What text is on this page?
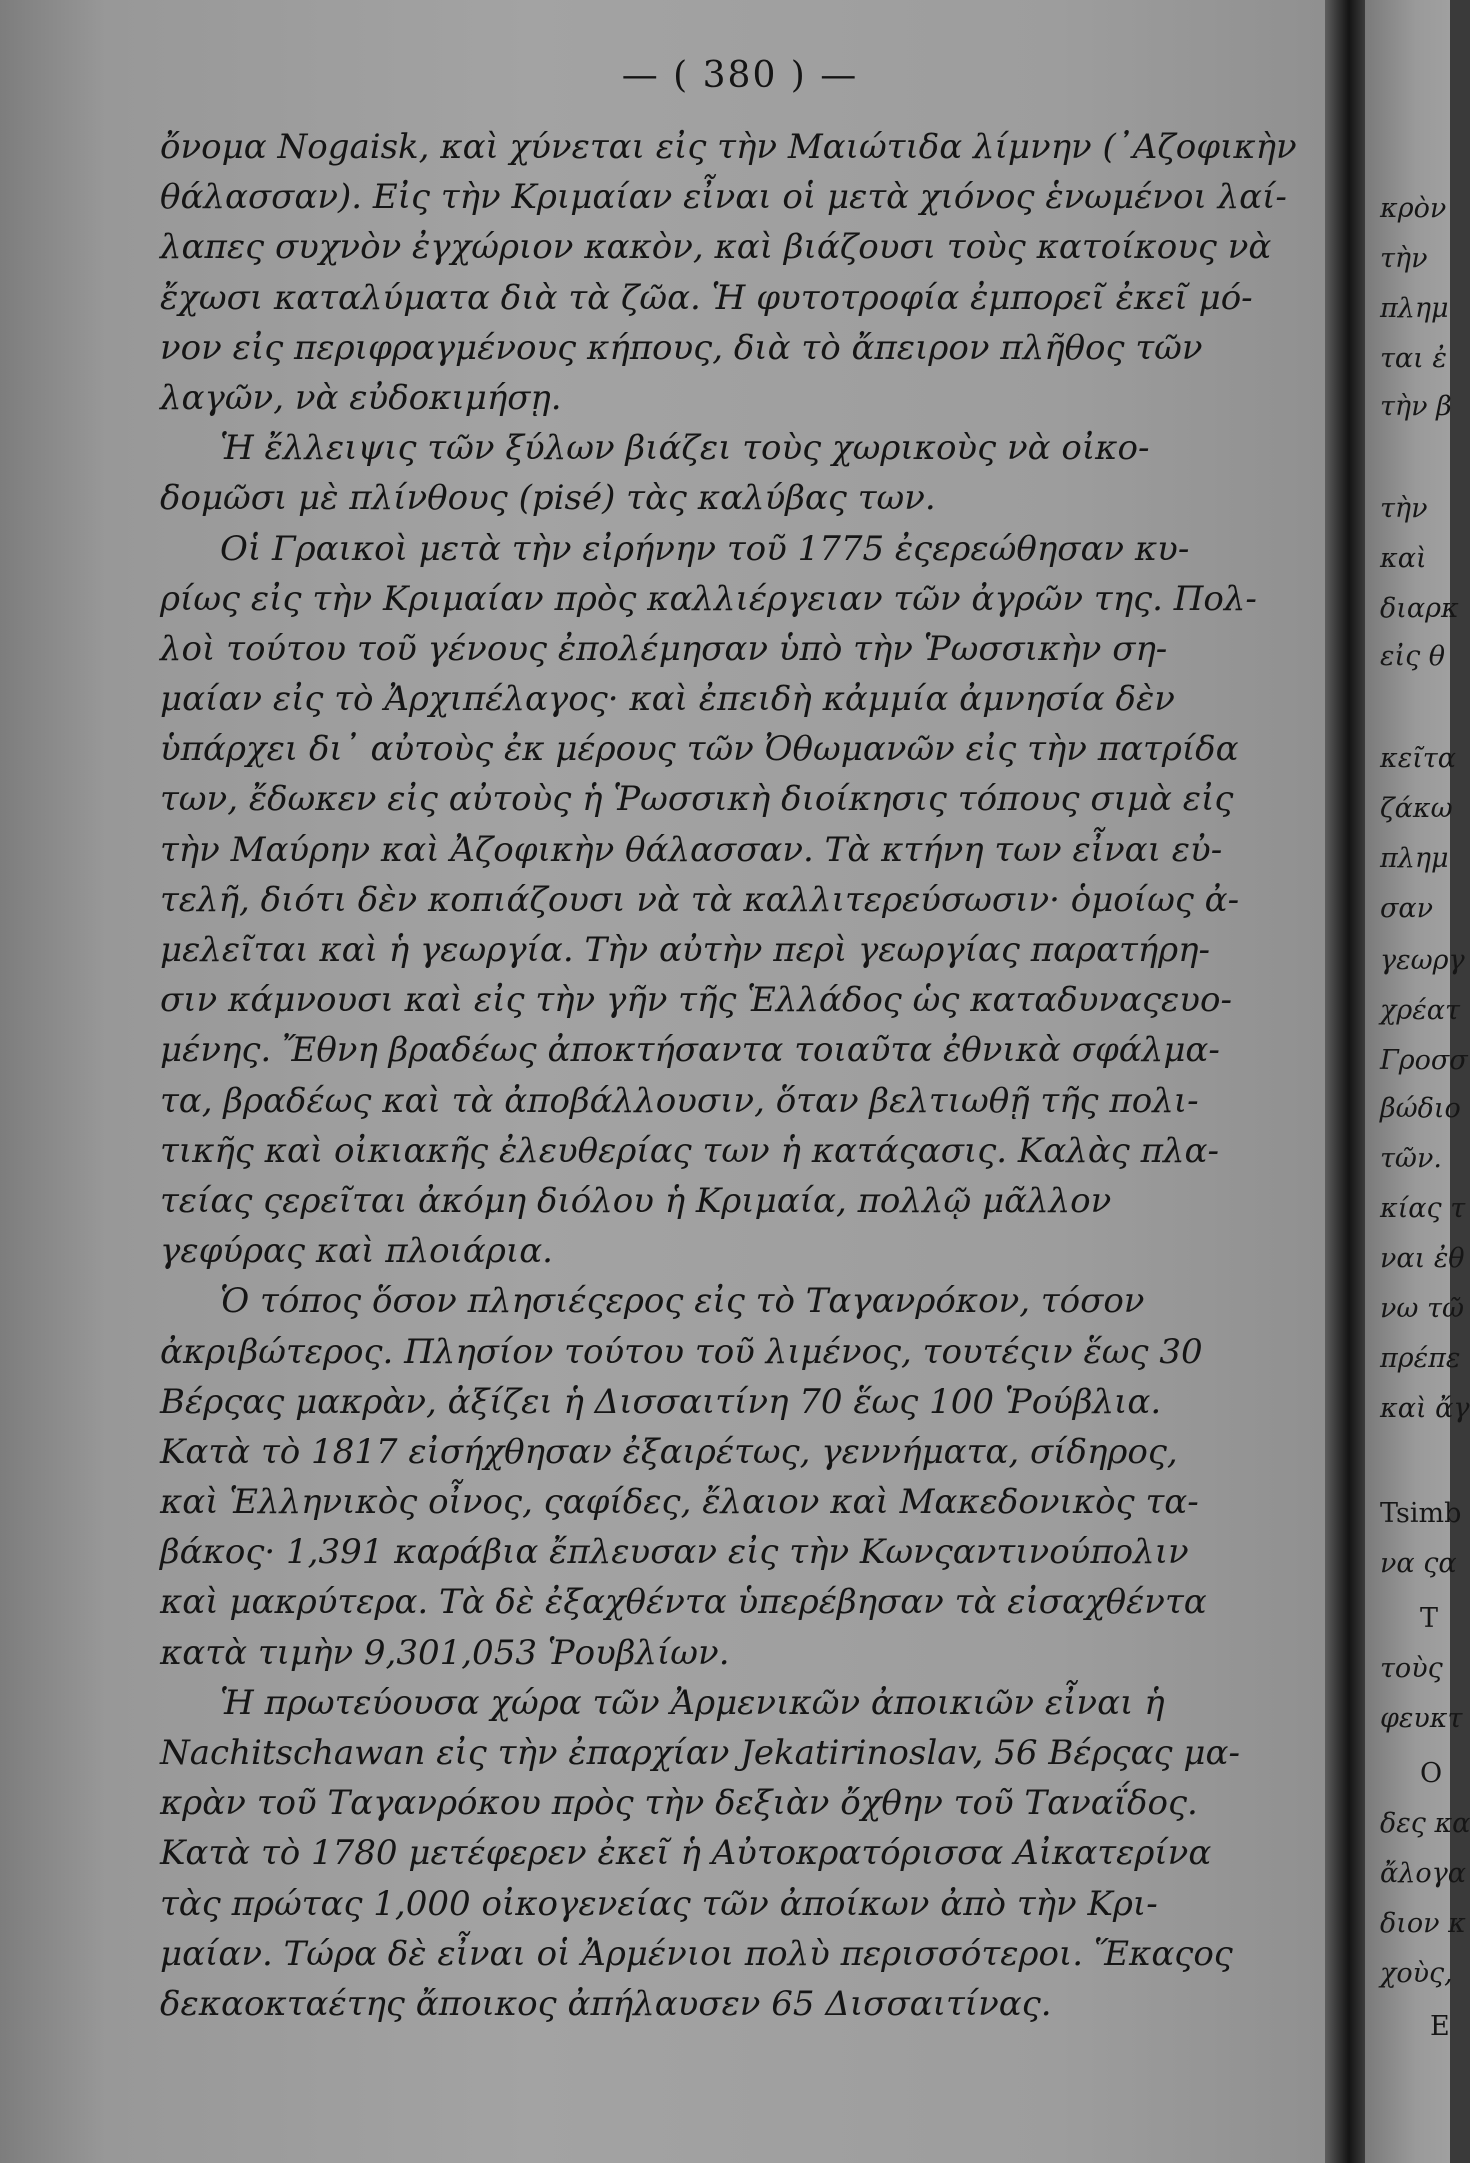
— ( 380 ) —
ὄνομα Nogaisk, καὶ χύνεται εἰς τὴν Μαιώτιδα λίμνην (᾿Αζοφικὴν
θάλασσαν). Εἰς τὴν Κριμαίαν εἶναι οἱ μετὰ χιόνος ἑνωμένοι λαί-
λαπες συχνὸν ἐγχώριον κακὸν, καὶ βιάζουσι τοὺς κατοίκους νὰ
ἔχωσι καταλύματα διὰ τὰ ζῶα. Ἡ φυτοτροφία ἐμπορεῖ ἐκεῖ μό-
νον εἰς περιφραγμένους κήπους, διὰ τὸ ἄπειρον πλῆθος τῶν
λαγῶν, νὰ εὐδοκιμήσῃ.
Ἡ ἔλλειψις τῶν ξύλων βιάζει τοὺς χωρικοὺς νὰ οἰκο-
δομῶσι μὲ πλίνθους (pisé) τὰς καλύβας των.
Οἱ Γραικοὶ μετὰ τὴν εἰρήνην τοῦ 1775 ἐςερεώθησαν κυ-
ρίως εἰς τὴν Κριμαίαν πρὸς καλλιέργειαν τῶν ἀγρῶν της. Πολ-
λοὶ τούτου τοῦ γένους ἐπολέμησαν ὑπὸ τὴν Ῥωσσικὴν ση-
μαίαν εἰς τὸ Ἀρχιπέλαγος· καὶ ἐπειδὴ κἀμμία ἀμνησία δὲν
ὑπάρχει δι᾿ αὐτοὺς ἐκ μέρους τῶν Ὀθωμανῶν εἰς τὴν πατρίδα
των, ἔδωκεν εἰς αὐτοὺς ἡ Ῥωσσικὴ διοίκησις τόπους σιμὰ εἰς
τὴν Μαύρην καὶ Ἀζοφικὴν θάλασσαν. Τὰ κτήνη των εἶναι εὐ-
τελῆ, διότι δὲν κοπιάζουσι νὰ τὰ καλλιτερεύσωσιν· ὁμοίως ἀ-
μελεῖται καὶ ἡ γεωργία. Τὴν αὐτὴν περὶ γεωργίας παρατήρη-
σιν κάμνουσι καὶ εἰς τὴν γῆν τῆς Ἑλλάδος ὡς καταδυναςευο-
μένης. Ἔθνη βραδέως ἀποκτήσαντα τοιαῦτα ἐθνικὰ σφάλμα-
τα, βραδέως καὶ τὰ ἀποβάλλουσιν, ὅταν βελτιωθῇ τῆς πολι-
τικῆς καὶ οἰκιακῆς ἐλευθερίας των ἡ κατάςασις. Καλὰς πλα-
τείας ςερεῖται ἀκόμη διόλου ἡ Κριμαία, πολλῷ μᾶλλον
γεφύρας καὶ πλοιάρια.
Ὁ τόπος ὅσον πλησιέςερος εἰς τὸ Ταγανρόκον, τόσον
ἀκριβώτερος. Πλησίον τούτου τοῦ λιμένος, τουτέςιν ἕως 30
Βέρςας μακρὰν, ἀξίζει ἡ Δισσαιτίνη 70 ἕως 100 Ῥούβλια.
Κατὰ τὸ 1817 εἰσήχθησαν ἐξαιρέτως, γεννήματα, σίδηρος,
καὶ Ἑλληνικὸς οἶνος, ςαφίδες, ἔλαιον καὶ Μακεδονικὸς τα-
βάκος· 1,391 καράβια ἔπλευσαν εἰς τὴν Κωνςαντινούπολιν
καὶ μακρύτερα. Τὰ δὲ ἐξαχθέντα ὑπερέβησαν τὰ εἰσαχθέντα
κατὰ τιμὴν 9,301,053 Ῥουβλίων.
Ἡ πρωτεύουσα χώρα τῶν Ἀρμενικῶν ἀποικιῶν εἶναι ἡ
Nachitschawan εἰς τὴν ἐπαρχίαν Jekatirinoslav, 56 Βέρςας μα-
κρὰν τοῦ Ταγανρόκου πρὸς τὴν δεξιὰν ὄχθην τοῦ Ταναΐδος.
Κατὰ τὸ 1780 μετέφερεν ἐκεῖ ἡ Αὐτοκρατόρισσα Αἰκατερίνα
τὰς πρώτας 1,000 οἰκογενείας τῶν ἀποίκων ἀπὸ τὴν Κρι-
μαίαν. Τώρα δὲ εἶναι οἱ Ἀρμένιοι πολὺ περισσότεροι. Ἕκαςος
δεκαοκταέτης ἄποικος ἀπήλαυσεν 65 Δισσαιτίνας.
κρὸν
τὴν
πλημ
ται ἐ
τὴν β
τὴν
καὶ
διαρκ
εἰς θ
κεῖτα
ζάκω
πλημ
σαν
γεωργ
χρέατ
Γροσσ
βώδιο
τῶν.
κίας τ
ναι ἐθ
νω τῶ
πρέπε
καὶ ἄγ
Tsimb
να ςα
Τ
τοὺς
φευκτ
Ο
δες κα
ἄλογα
διον κ
χοὺς,
Ε
